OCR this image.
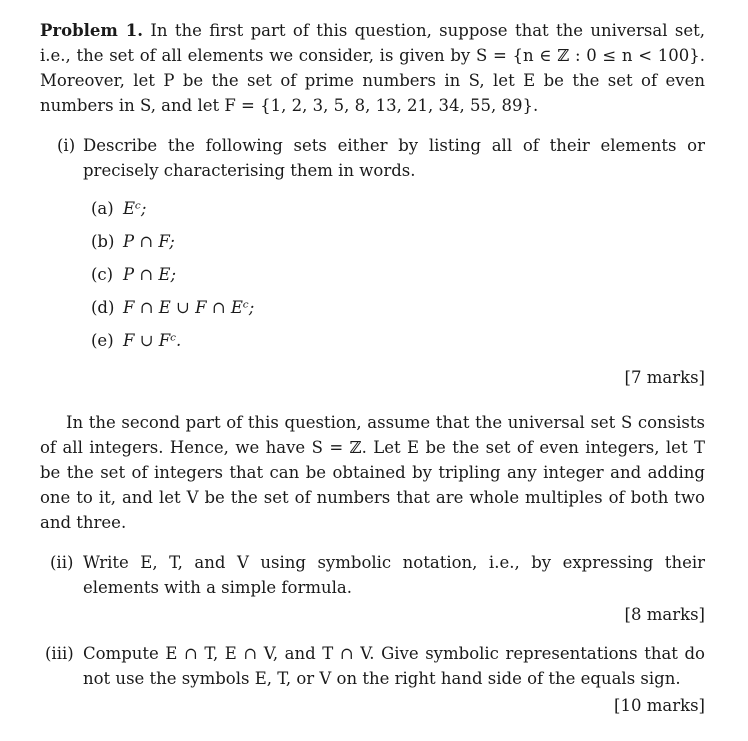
Problem 1. In the first part of this question, suppose that the universal set, i.e., the set of all elements we consider, is given by S = {n ∈ ℤ : 0 ≤ n < 100}. Moreover, let P be the set of prime numbers in S, let E be the set of even numbers in S, and let F = {1, 2, 3, 5, 8, 13, 21, 34, 55, 89}.

(i) Describe the following sets either by listing all of their elements or precisely characterising them in words.
(a) Eᶜ;
(b) P ∩ F;
(c) P ∩ E;
(d) F ∩ E ∪ F ∩ Eᶜ;
(e) F ∪ Fᶜ.
[7 marks]

In the second part of this question, assume that the universal set S consists of all integers. Hence, we have S = ℤ. Let E be the set of even integers, let T be the set of integers that can be obtained by tripling any integer and adding one to it, and let V be the set of numbers that are whole multiples of both two and three.

(ii) Write E, T, and V using symbolic notation, i.e., by expressing their elements with a simple formula.
[8 marks]
(iii) Compute E ∩ T, E ∩ V, and T ∩ V. Give symbolic representations that do not use the symbols E, T, or V on the right hand side of the equals sign.
[10 marks]
